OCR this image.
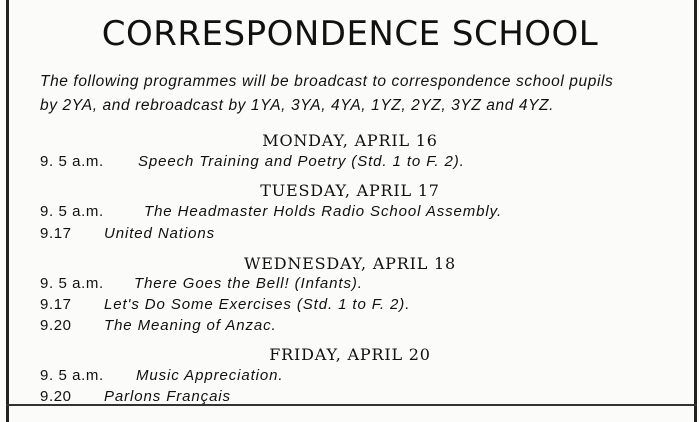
CORRESPONDENCE SCHOOL
The following programmes will be broadcast to correspondence school pupils
by 2YA, and rebroadcast by 1YA, 3YA, 4YA, 1YZ, 2YZ, 3YZ and 4YZ.
MONDAY, APRIL 16
9. 5 a.m. Speech Training and Poetry (Std. 1 to F. 2).
TUESDAY, APRIL 17
9. 5 a.m.	The Headmaster Holds Radio School Assembly.
9.17 United Nations
WEDNESDAY, APRIL 18
9. 5 a.m. There Goes the Bell! (Infants).
9.17 Let's Do Some Exercises (Std. 1 to F. 2).
9.20 The Meaning of Anzac.
FRIDAY, APRIL 20
9. 5 a.m. Music Appreciation.
9.20 Parlons Français
